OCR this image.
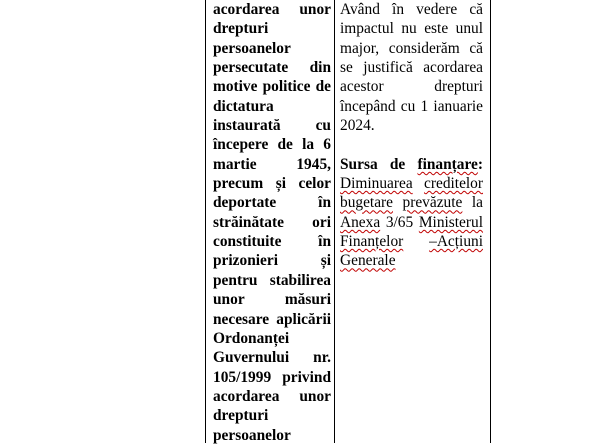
acordarea unor drepturi persoanelor persecutate din motive politice de dictatura instaurată cu începere de la 6 martie 1945, precum și celor deportate în străinătate ori constituite în prizonieri și pentru stabilirea unor măsuri necesare aplicării Ordonanței Guvernului nr. 105/1999 privind acordarea unor drepturi persoanelor

Având în vedere că impactul nu este unul major, considerăm că se justifică acordarea acestor drepturi începând cu 1 ianuarie 2024.

Sursa de finanțare: Diminuarea creditelor bugetare prevăzute la Anexa 3/65 Ministerul Finanțelor –Acțiuni Generale
